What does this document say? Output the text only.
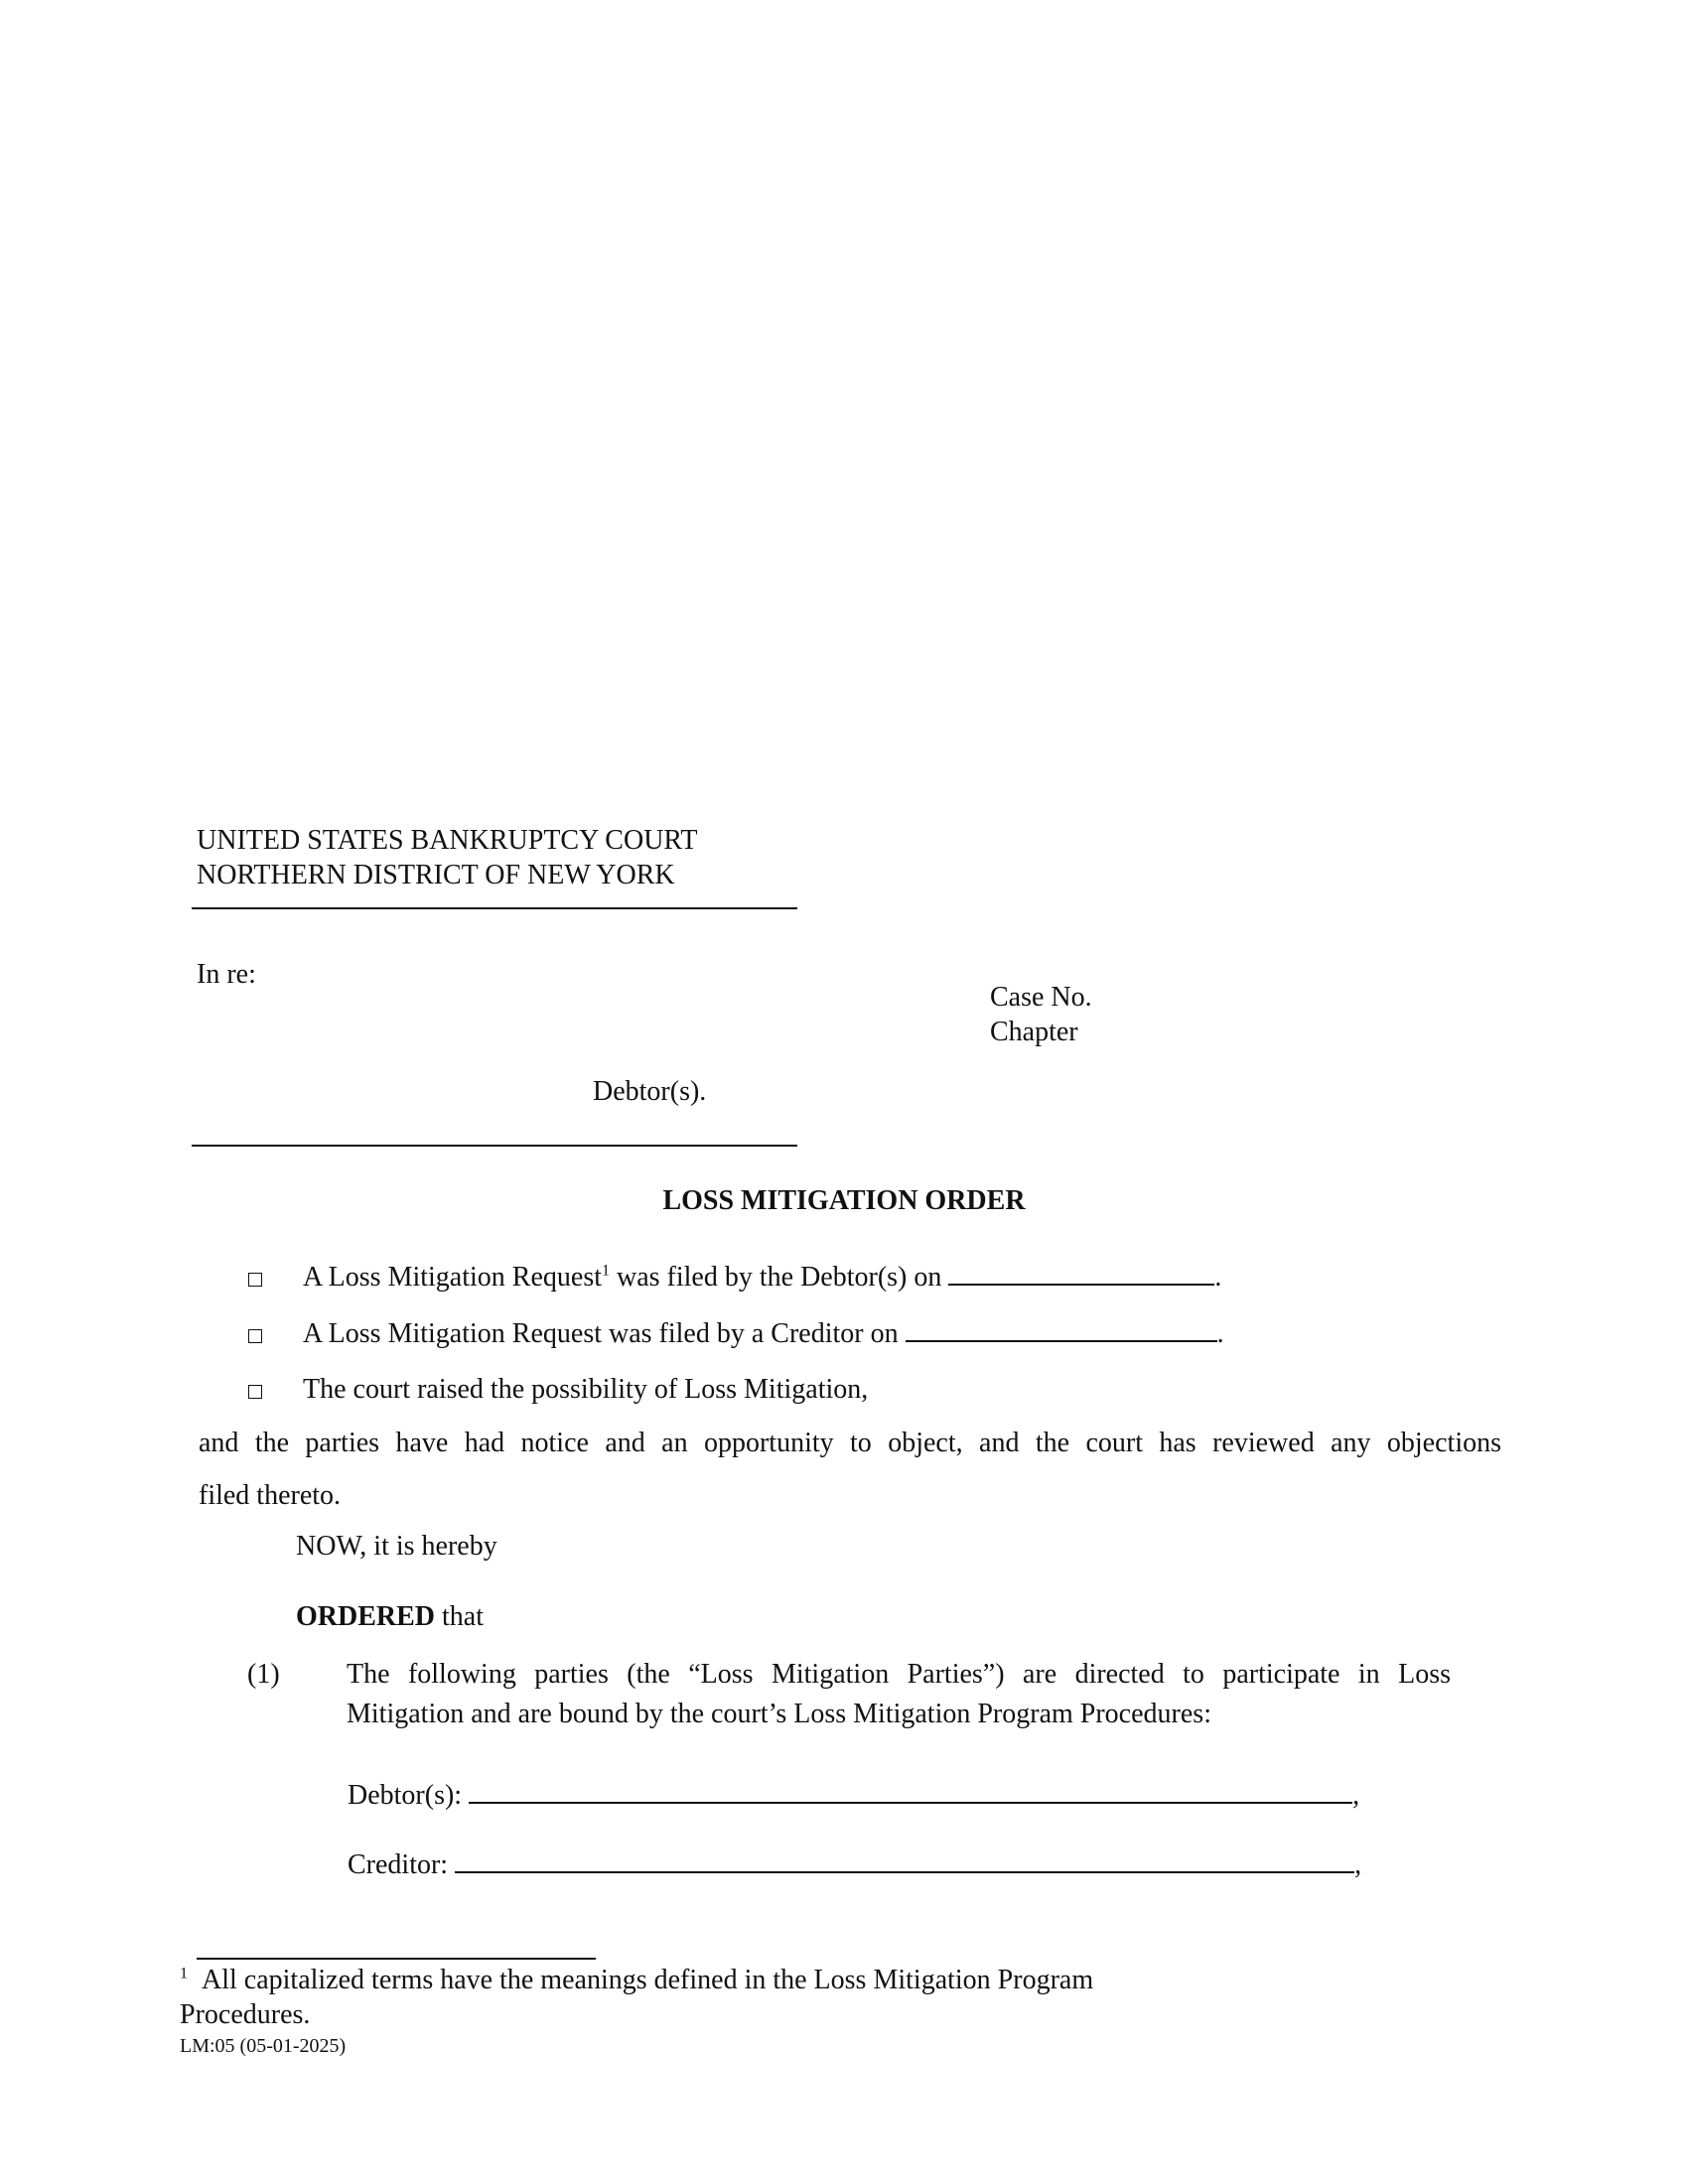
UNITED STATES BANKRUPTCY COURT
NORTHERN DISTRICT OF NEW YORK
In re:
Case No.
Chapter
Debtor(s).
LOSS MITIGATION ORDER
A Loss Mitigation Request$^1$ was filed by the Debtor(s) on	.
A Loss Mitigation Request was filed by a Creditor on	.
The court raised the possibility of Loss Mitigation,
and the parties have had notice and an opportunity to object, and the court has reviewed any objections
filed thereto.
NOW, it is hereby
ORDERED that
(1) The following parties (the “Loss Mitigation Parties”) are directed to participate in Loss
Mitigation and are bound by the court’s Loss Mitigation Program Procedures:
Debtor(s):	,
Creditor:	,
$^1$ All capitalized terms have the meanings defined in the Loss Mitigation Program
Procedures.
LM:05 (05-01-2025)
